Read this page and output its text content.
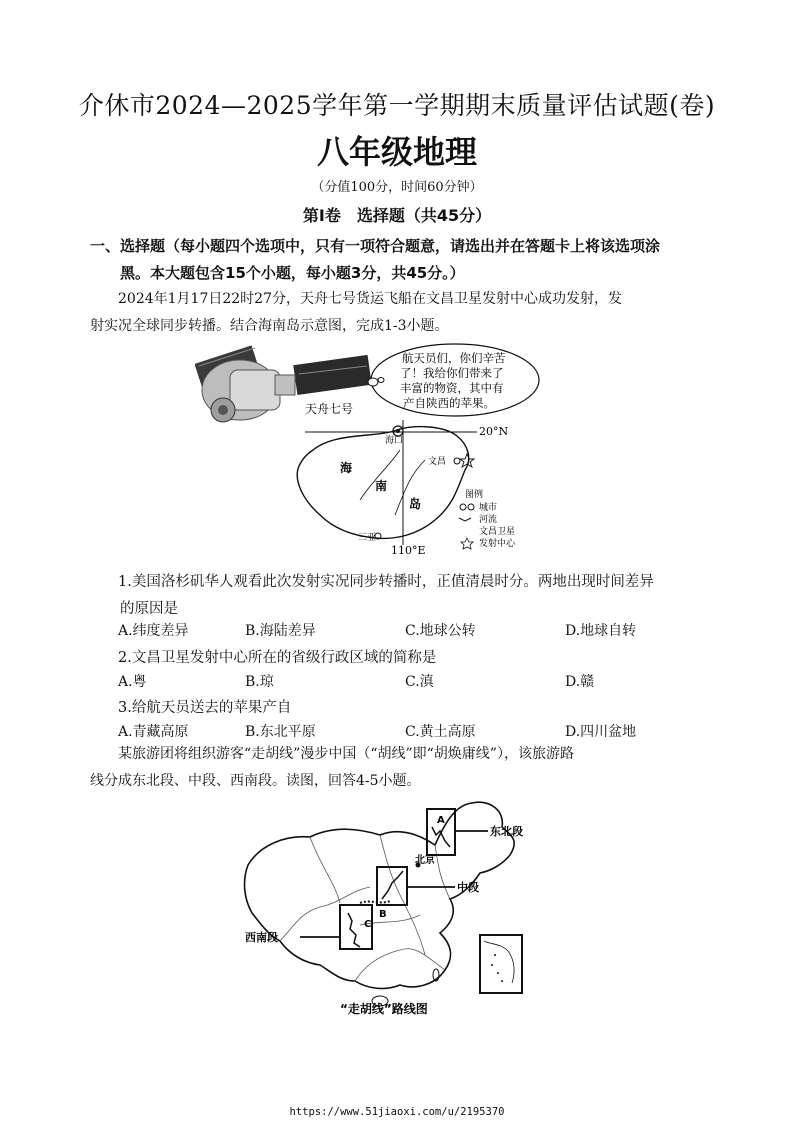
介休市2024—2025学年第一学期期末质量评估试题(卷)
八年级地理
（分值100分，时间60分钟）
第Ⅰ卷　选择题（共45分）
一、选择题（每小题四个选项中，只有一项符合题意，请选出并在答题卡上将该选项涂
黑。本大题包含15个小题，每小题3分，共45分。）
2024年1月17日22时27分，天舟七号货运飞船在文昌卫星发射中心成功发射，发
射实况全球同步转播。结合海南岛示意图，完成1-3小题。
天舟七号
航天员们，你们辛苦
了！我给你们带来了
丰富的物资，其中有
产自陕西的苹果。
20°N
110°E
海口
文昌
三亚
海
南
岛
图例
城市
河流
文昌卫星
发射中心
1.美国洛杉矶华人观看此次发射实况同步转播时，正值清晨时分。两地出现时间差异
的原因是
A.纬度差异	B.海陆差异	C.地球公转	D.地球自转
2.文昌卫星发射中心所在的省级行政区域的简称是
A.粤	B.琼	C.滇	D.赣
3.给航天员送去的苹果产自
A.青藏高原	B.东北平原	C.黄土高原	D.四川盆地
某旅游团将组织游客“走胡线”漫步中国（“胡线”即“胡焕庸线”），该旅游路
线分成东北段、中段、西南段。读图，回答4-5小题。
A
东北段
北京
中段
B
C
西南段
“走胡线”路线图
https://www.51jiaoxi.com/u/2195370
